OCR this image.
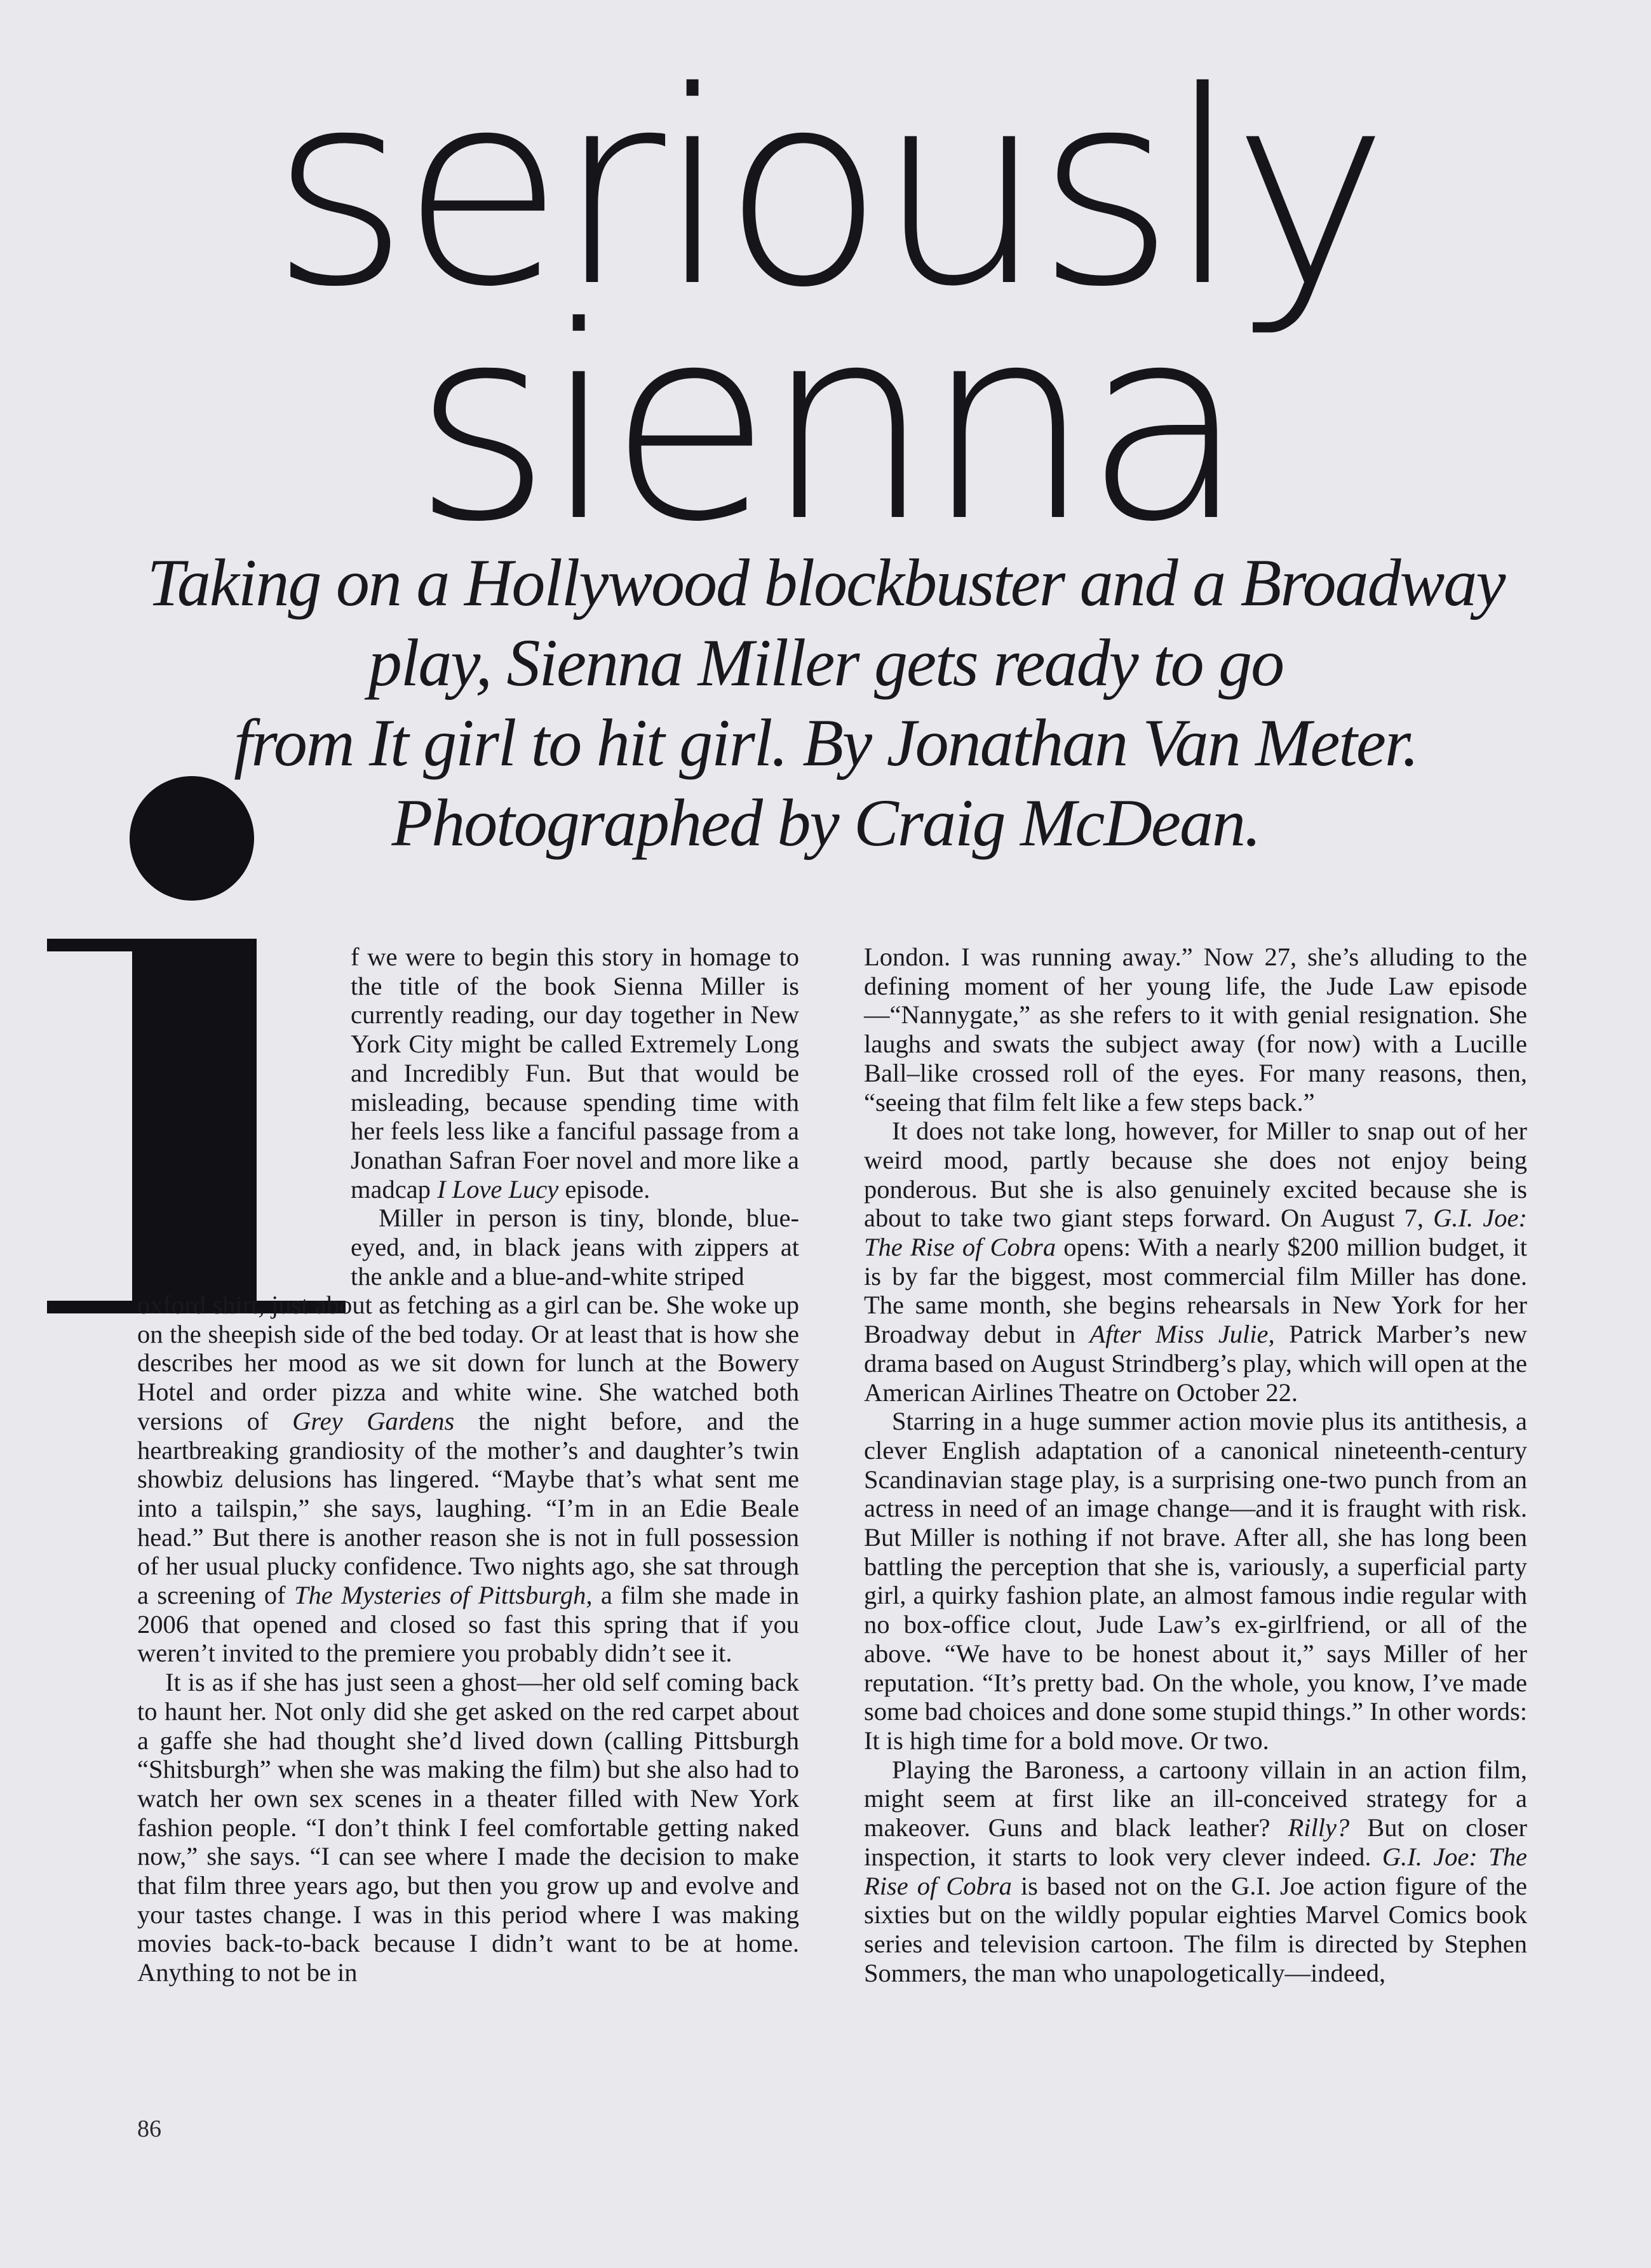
seriously
sienna
Taking on a Hollywood blockbuster and a Broadway
play, Sienna Miller gets ready to go
from It girl to hit girl. By Jonathan Van Meter.
Photographed by Craig McDean.

f we were to begin this story in homage to the title of the book Sienna Miller is currently reading, our day together in New York City might be called Extremely Long and Incredibly Fun. But that would be misleading, because spending time with her feels less like a fanciful passage from a Jonathan Safran Foer novel and more like a madcap I Love Lucy episode.

Miller in person is tiny, blonde, blue-eyed, and, in black jeans with zippers at the ankle and a blue-and-white striped

oxford shirt, just about as fetching as a girl can be. She woke up on the sheepish side of the bed today. Or at least that is how she describes her mood as we sit down for lunch at the Bowery Hotel and order pizza and white wine. She watched both versions of Grey Gardens the night before, and the heartbreaking grandiosity of the mother’s and daughter’s twin showbiz delusions has lingered. “Maybe that’s what sent me into a tailspin,” she says, laughing. “I’m in an Edie Beale head.” But there is another reason she is not in full possession of her usual plucky confidence. Two nights ago, she sat through a screening of The Mysteries of Pittsburgh, a film she made in 2006 that opened and closed so fast this spring that if you weren’t invited to the premiere you probably didn’t see it.

It is as if she has just seen a ghost—her old self coming back to haunt her. Not only did she get asked on the red carpet about a gaffe she had thought she’d lived down (calling Pittsburgh “Shitsburgh” when she was making the film) but she also had to watch her own sex scenes in a theater filled with New York fashion people. “I don’t think I feel comfortable getting naked now,” she says. “I can see where I made the decision to make that film three years ago, but then you grow up and evolve and your tastes change. I was in this period where I was making movies back-to-back because I didn’t want to be at home. Anything to not be in

London. I was running away.” Now 27, she’s alluding to the defining moment of her young life, the Jude Law episode—“Nannygate,” as she refers to it with genial resignation. She laughs and swats the subject away (for now) with a Lucille Ball–like crossed roll of the eyes. For many reasons, then, “seeing that film felt like a few steps back.”

It does not take long, however, for Miller to snap out of her weird mood, partly because she does not enjoy being ponderous. But she is also genuinely excited because she is about to take two giant steps forward. On August 7, G.I. Joe: The Rise of Cobra opens: With a nearly $200 million budget, it is by far the biggest, most commercial film Miller has done. The same month, she begins rehearsals in New York for her Broadway debut in After Miss Julie, Patrick Marber’s new drama based on August Strindberg’s play, which will open at the American Airlines Theatre on October 22.

Starring in a huge summer action movie plus its antithesis, a clever English adaptation of a canonical nineteenth-century Scandinavian stage play, is a surprising one-two punch from an actress in need of an image change—and it is fraught with risk. But Miller is nothing if not brave. After all, she has long been battling the perception that she is, variously, a superficial party girl, a quirky fashion plate, an almost famous indie regular with no box-office clout, Jude Law’s ex-girlfriend, or all of the above. “We have to be honest about it,” says Miller of her reputation. “It’s pretty bad. On the whole, you know, I’ve made some bad choices and done some stupid things.” In other words: It is high time for a bold move. Or two.

Playing the Baroness, a cartoony villain in an action film, might seem at first like an ill-conceived strategy for a makeover. Guns and black leather? Rilly? But on closer inspection, it starts to look very clever indeed. G.I. Joe: The Rise of Cobra is based not on the G.I. Joe action figure of the sixties but on the wildly popular eighties Marvel Comics book series and television cartoon. The film is directed by Stephen Sommers, the man who unapologetically—indeed,

86
